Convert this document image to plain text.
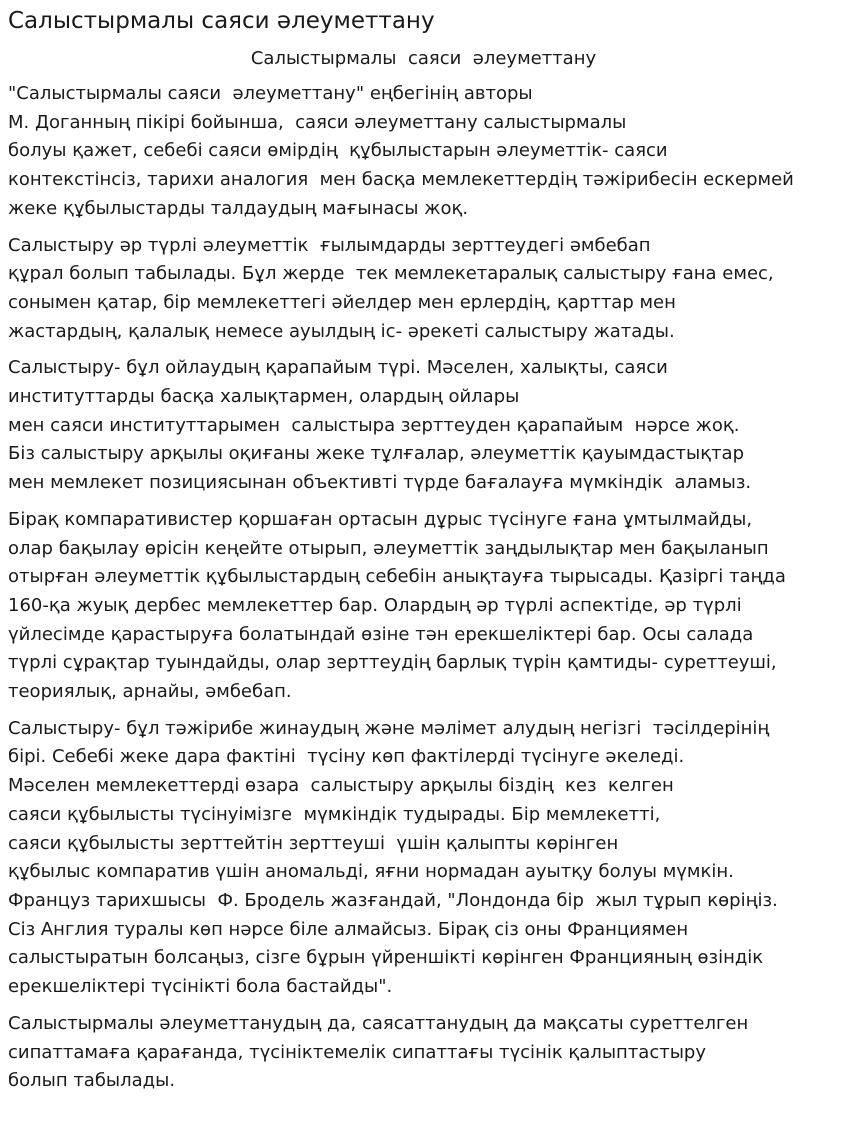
Салыстырмалы саяси әлеуметтану
Салыстырмалы  саяси  әлеуметтану
"Салыстырмалы саяси  әлеуметтану" еңбегінің авторы
М. Доганның пікірі бойынша,  саяси әлеуметтану салыстырмалы
болуы қажет, себебі саяси өмірдің  құбылыстарын әлеуметтік- саяси
контекстінсіз, тарихи аналогия  мен басқа мемлекеттердің тәжірибесін ескермей
жеке құбылыстарды талдаудың мағынасы жоқ.
Салыстыру әр түрлі әлеуметтік  ғылымдарды зерттеудегі әмбебап
құрал болып табылады. Бұл жерде  тек мемлекетаралық салыстыру ғана емес,
сонымен қатар, бір мемлекеттегі әйелдер мен ерлердің, қарттар мен
жастардың, қалалық немесе ауылдың іс- әрекеті салыстыру жатады.
Салыстыру- бұл ойлаудың қарапайым түрі. Мәселен, халықты, саяси
институттарды басқа халықтармен, олардың ойлары
мен саяси институттарымен  салыстыра зерттеуден қарапайым  нәрсе жоқ.
Біз салыстыру арқылы оқиғаны жеке тұлғалар, әлеуметтік қауымдастықтар
мен мемлекет позициясынан объективті түрде бағалауға мүмкіндік  аламыз.
Бірақ компаративистер қоршаған ортасын дұрыс түсінуге ғана ұмтылмайды,
олар бақылау өрісін кеңейте отырып, әлеуметтік заңдылықтар мен бақыланып
отырған әлеуметтік құбылыстардың себебін анықтауға тырысады. Қазіргі таңда
160-қа жуық дербес мемлекеттер бар. Олардың әр түрлі аспектіде, әр түрлі
үйлесімде қарастыруға болатындай өзіне тән ерекшеліктері бар. Осы салада
түрлі сұрақтар туындайды, олар зерттеудің барлық түрін қамтиды- суреттеуші,
теориялық, арнайы, әмбебап.
Салыстыру- бұл тәжірибе жинаудың және мәлімет алудың негізгі  тәсілдерінің
бірі. Себебі жеке дара фактіні  түсіну көп фактілерді түсінуге әкеледі.
Мәселен мемлекеттерді өзара  салыстыру арқылы біздің  кез  келген
саяси құбылысты түсінуімізге  мүмкіндік тудырады. Бір мемлекетті,
саяси құбылысты зерттейтін зерттеуші  үшін қалыпты көрінген
құбылыс компаратив үшін аномальді, яғни нормадан ауытқу болуы мүмкін.
Француз тарихшысы  Ф. Бродель жазғандай, "Лондонда бір  жыл тұрып көріңіз.
Сіз Англия туралы көп нәрсе біле алмайсыз. Бірақ сіз оны Франциямен
салыстыратын болсаңыз, сізге бұрын үйреншікті көрінген Францияның өзіндік
ерекшеліктері түсінікті бола бастайды".
Салыстырмалы әлеуметтанудың да, саясаттанудың да мақсаты суреттелген
сипаттамаға қарағанда, түсініктемелік сипаттағы түсінік қалыптастыру
болып табылады.
